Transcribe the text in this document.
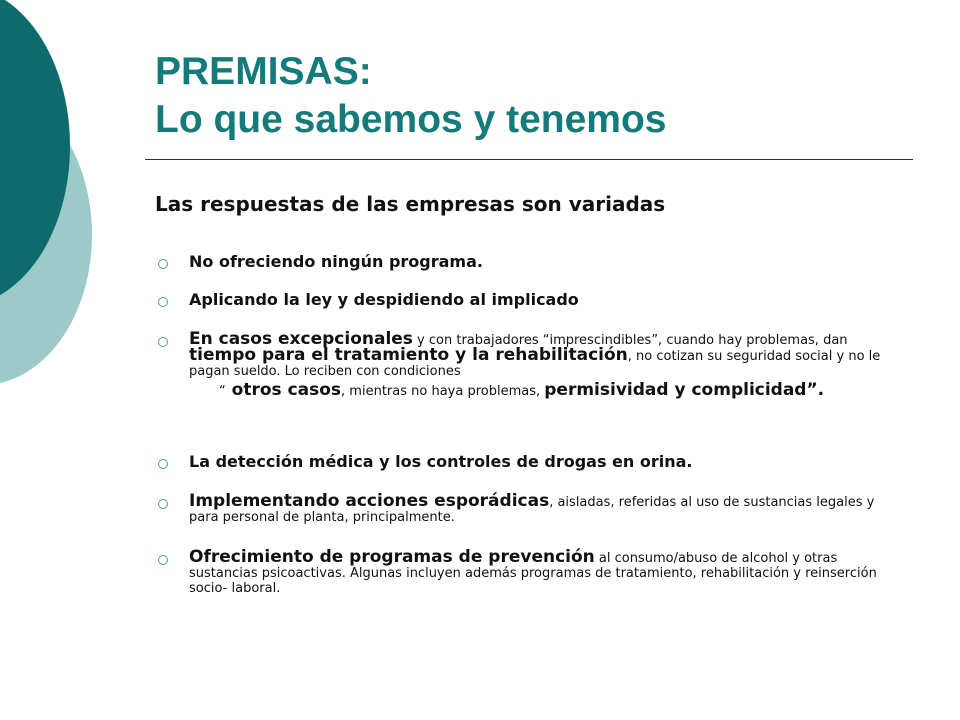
PREMISAS:
Lo que sabemos y tenemos
Las respuestas de las empresas son variadas
No ofreciendo ningún programa.
Aplicando la ley y despidiendo al implicado
En casos excepcionales y con trabajadores “imprescindibles”, cuando hay problemas, dan tiempo para el tratamiento y la rehabilitación, no cotizan su seguridad social y no le pagan sueldo. Lo reciben con condiciones
“ otros casos, mientras no haya problemas, permisividad y complicidad”.
La detección médica y los controles de drogas en orina.
Implementando acciones esporádicas, aisladas, referidas al uso de sustancias legales y para personal de planta, principalmente.
Ofrecimiento de programas de prevención al consumo/abuso de alcohol y otras sustancias psicoactivas. Algunas incluyen además programas de tratamiento, rehabilitación y reinserción socio- laboral.
